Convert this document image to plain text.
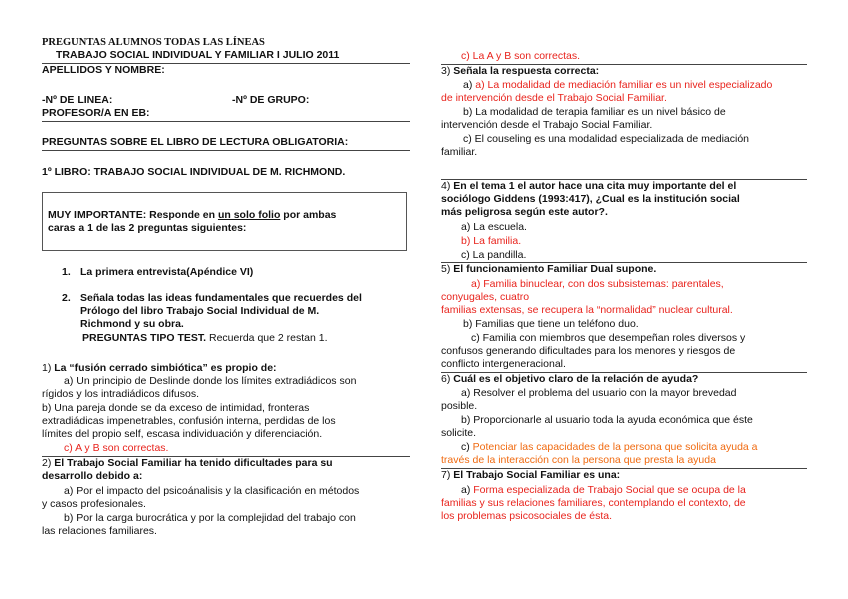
PREGUNTAS ALUMNOS TODAS LAS LÍNEAS
TRABAJO SOCIAL INDIVIDUAL Y FAMILIAR I JULIO 2011
APELLIDOS Y NOMBRE:
-Nº DE LINEA:	-Nº DE GRUPO:
PROFESOR/A EN EB:
PREGUNTAS SOBRE EL LIBRO DE LECTURA OBLIGATORIA:
1º LIBRO: TRABAJO SOCIAL INDIVIDUAL DE M. RICHMOND.
MUY IMPORTANTE: Responde en un solo folio por ambas
caras a 1 de las 2 preguntas siguientes:
1. La primera entrevista(Apéndice VI)
2. Señala todas las ideas fundamentales que recuerdes del
Prólogo del libro Trabajo Social Individual de M.
Richmond y su obra.
PREGUNTAS TIPO TEST. Recuerda que 2 restan 1.
1) La “fusión cerrado simbiótica” es propio de:
a) Un principio de Deslinde donde los límites extradiádicos son
rígidos y los intradiádicos difusos.
b) Una pareja donde se da exceso de intimidad, fronteras
extradiádicas impenetrables, confusión interna, perdidas de los
límites del propio self, escasa individuación y diferenciación.
c) A y B son correctas.
2) El Trabajo Social Familiar ha tenido dificultades para su
desarrollo debido a:
a) Por el impacto del psicoánalisis y la clasificación en métodos
y casos profesionales.
b) Por la carga burocrática y por la complejidad del trabajo con
las relaciones familiares.
c) La A y B son correctas.
3) Señala la respuesta correcta:
a) a) La modalidad de mediación familiar es un nivel especializado
de intervención desde el Trabajo Social Familiar.
b) La modalidad de terapia familiar es un nivel básico de
intervención desde el Trabajo Social Familiar.
c) El couseling es una modalidad especializada de mediación
familiar.
4) En el tema 1 el autor hace una cita muy importante del el
sociólogo Giddens (1993:417), ¿Cual es la institución social
más peligrosa según este autor?.
a) La escuela.
b) La familia.
c) La pandilla.
5) El funcionamiento Familiar Dual supone.
a) Familia binuclear, con dos subsistemas: parentales,
conyugales, cuatro
familias extensas, se recupera la “normalidad” nuclear cultural.
b) Familias que tiene un teléfono duo.
c) Familia con miembros que desempeñan roles diversos y
confusos generando dificultades para los menores y riesgos de
conflicto intergeneracional.
6) Cuál es el objetivo claro de la relación de ayuda?
a) Resolver el problema del usuario con la mayor brevedad
posible.
b) Proporcionarle al usuario toda la ayuda económica que éste
solicite.
c) Potenciar las capacidades de la persona que solicita ayuda a
través de la interacción con la persona que presta la ayuda
7) El Trabajo Social Familiar es una:
a) Forma especializada de Trabajo Social que se ocupa de la
familias y sus relaciones familiares, contemplando el contexto, de
los problemas psicosociales de ésta.
